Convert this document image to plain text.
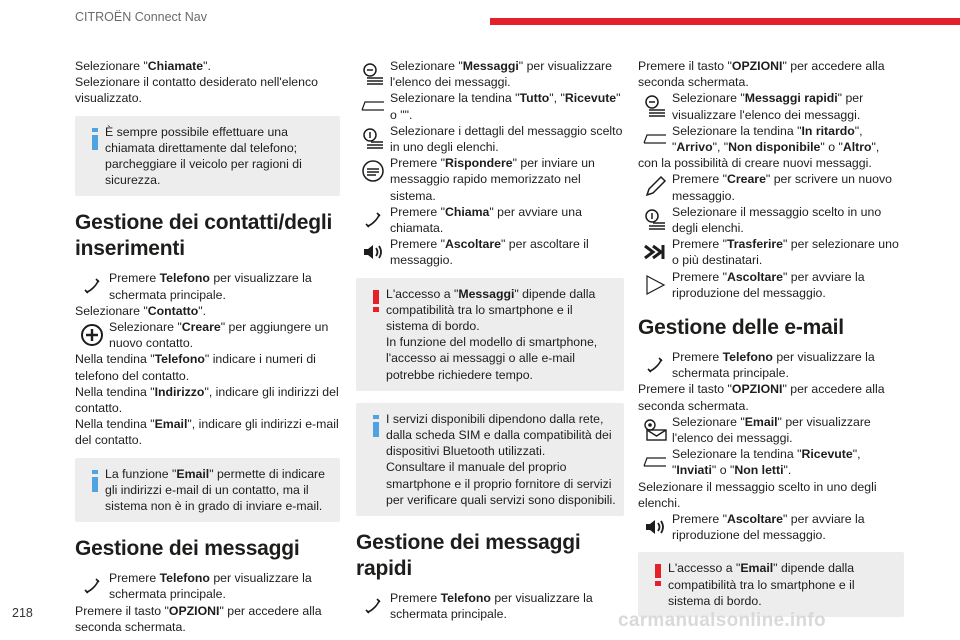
CITROËN Connect Nav

Selezionare "Chiamate".
Selezionare il contatto desiderato nell'elenco visualizzato.

È sempre possibile effettuare una chiamata direttamente dal telefono; parcheggiare il veicolo per ragioni di sicurezza.

Gestione dei contatti/degli inserimenti

Premere Telefono per visualizzare la schermata principale.

Selezionare "Contatto".

Selezionare "Creare" per aggiungere un nuovo contatto.

Nella tendina "Telefono" indicare i numeri di telefono del contatto.

Nella tendina "Indirizzo", indicare gli indirizzi del contatto.

Nella tendina "Email", indicare gli indirizzi e-mail del contatto.

La funzione "Email" permette di indicare gli indirizzi e-mail di un contatto, ma il sistema non è in grado di inviare e-mail.

Gestione dei messaggi

Premere Telefono per visualizzare la schermata principale.

Premere il tasto "OPZIONI" per accedere alla seconda schermata.

Selezionare "Messaggi" per visualizzare l'elenco dei messaggi.

Selezionare la tendina "Tutto", "Ricevute" o "".

Selezionare i dettagli del messaggio scelto in uno degli elenchi.

Premere "Rispondere" per inviare un messaggio rapido memorizzato nel sistema.

Premere "Chiama" per avviare una chiamata.

Premere "Ascoltare" per ascoltare il messaggio.

L'accesso a "Messaggi" dipende dalla compatibilità tra lo smartphone e il sistema di bordo.
In funzione del modello di smartphone, l'accesso ai messaggi o alle e-mail potrebbe richiedere tempo.

I servizi disponibili dipendono dalla rete, dalla scheda SIM e dalla compatibilità dei dispositivi Bluetooth utilizzati.
Consultare il manuale del proprio smartphone e il proprio fornitore di servizi per verificare quali servizi sono disponibili.

Gestione dei messaggi rapidi

Premere Telefono per visualizzare la schermata principale.

Premere il tasto "OPZIONI" per accedere alla seconda schermata.

Selezionare "Messaggi rapidi" per visualizzare l'elenco dei messaggi.

Selezionare la tendina "In ritardo", "Arrivo", "Non disponibile" o "Altro",

con la possibilità di creare nuovi messaggi.

Premere "Creare" per scrivere un nuovo messaggio.

Selezionare il messaggio scelto in uno degli elenchi.

Premere "Trasferire" per selezionare uno o più destinatari.

Premere "Ascoltare" per avviare la riproduzione del messaggio.

Gestione delle e-mail

Premere Telefono per visualizzare la schermata principale.

Premere il tasto "OPZIONI" per accedere alla seconda schermata.

Selezionare "Email" per visualizzare l'elenco dei messaggi.

Selezionare la tendina "Ricevute", "Inviati" o "Non letti".

Selezionare il messaggio scelto in uno degli elenchi.

Premere "Ascoltare" per avviare la riproduzione del messaggio.

L'accesso a "Email" dipende dalla compatibilità tra lo smartphone e il sistema di bordo.

218	carmanualsonline.info
